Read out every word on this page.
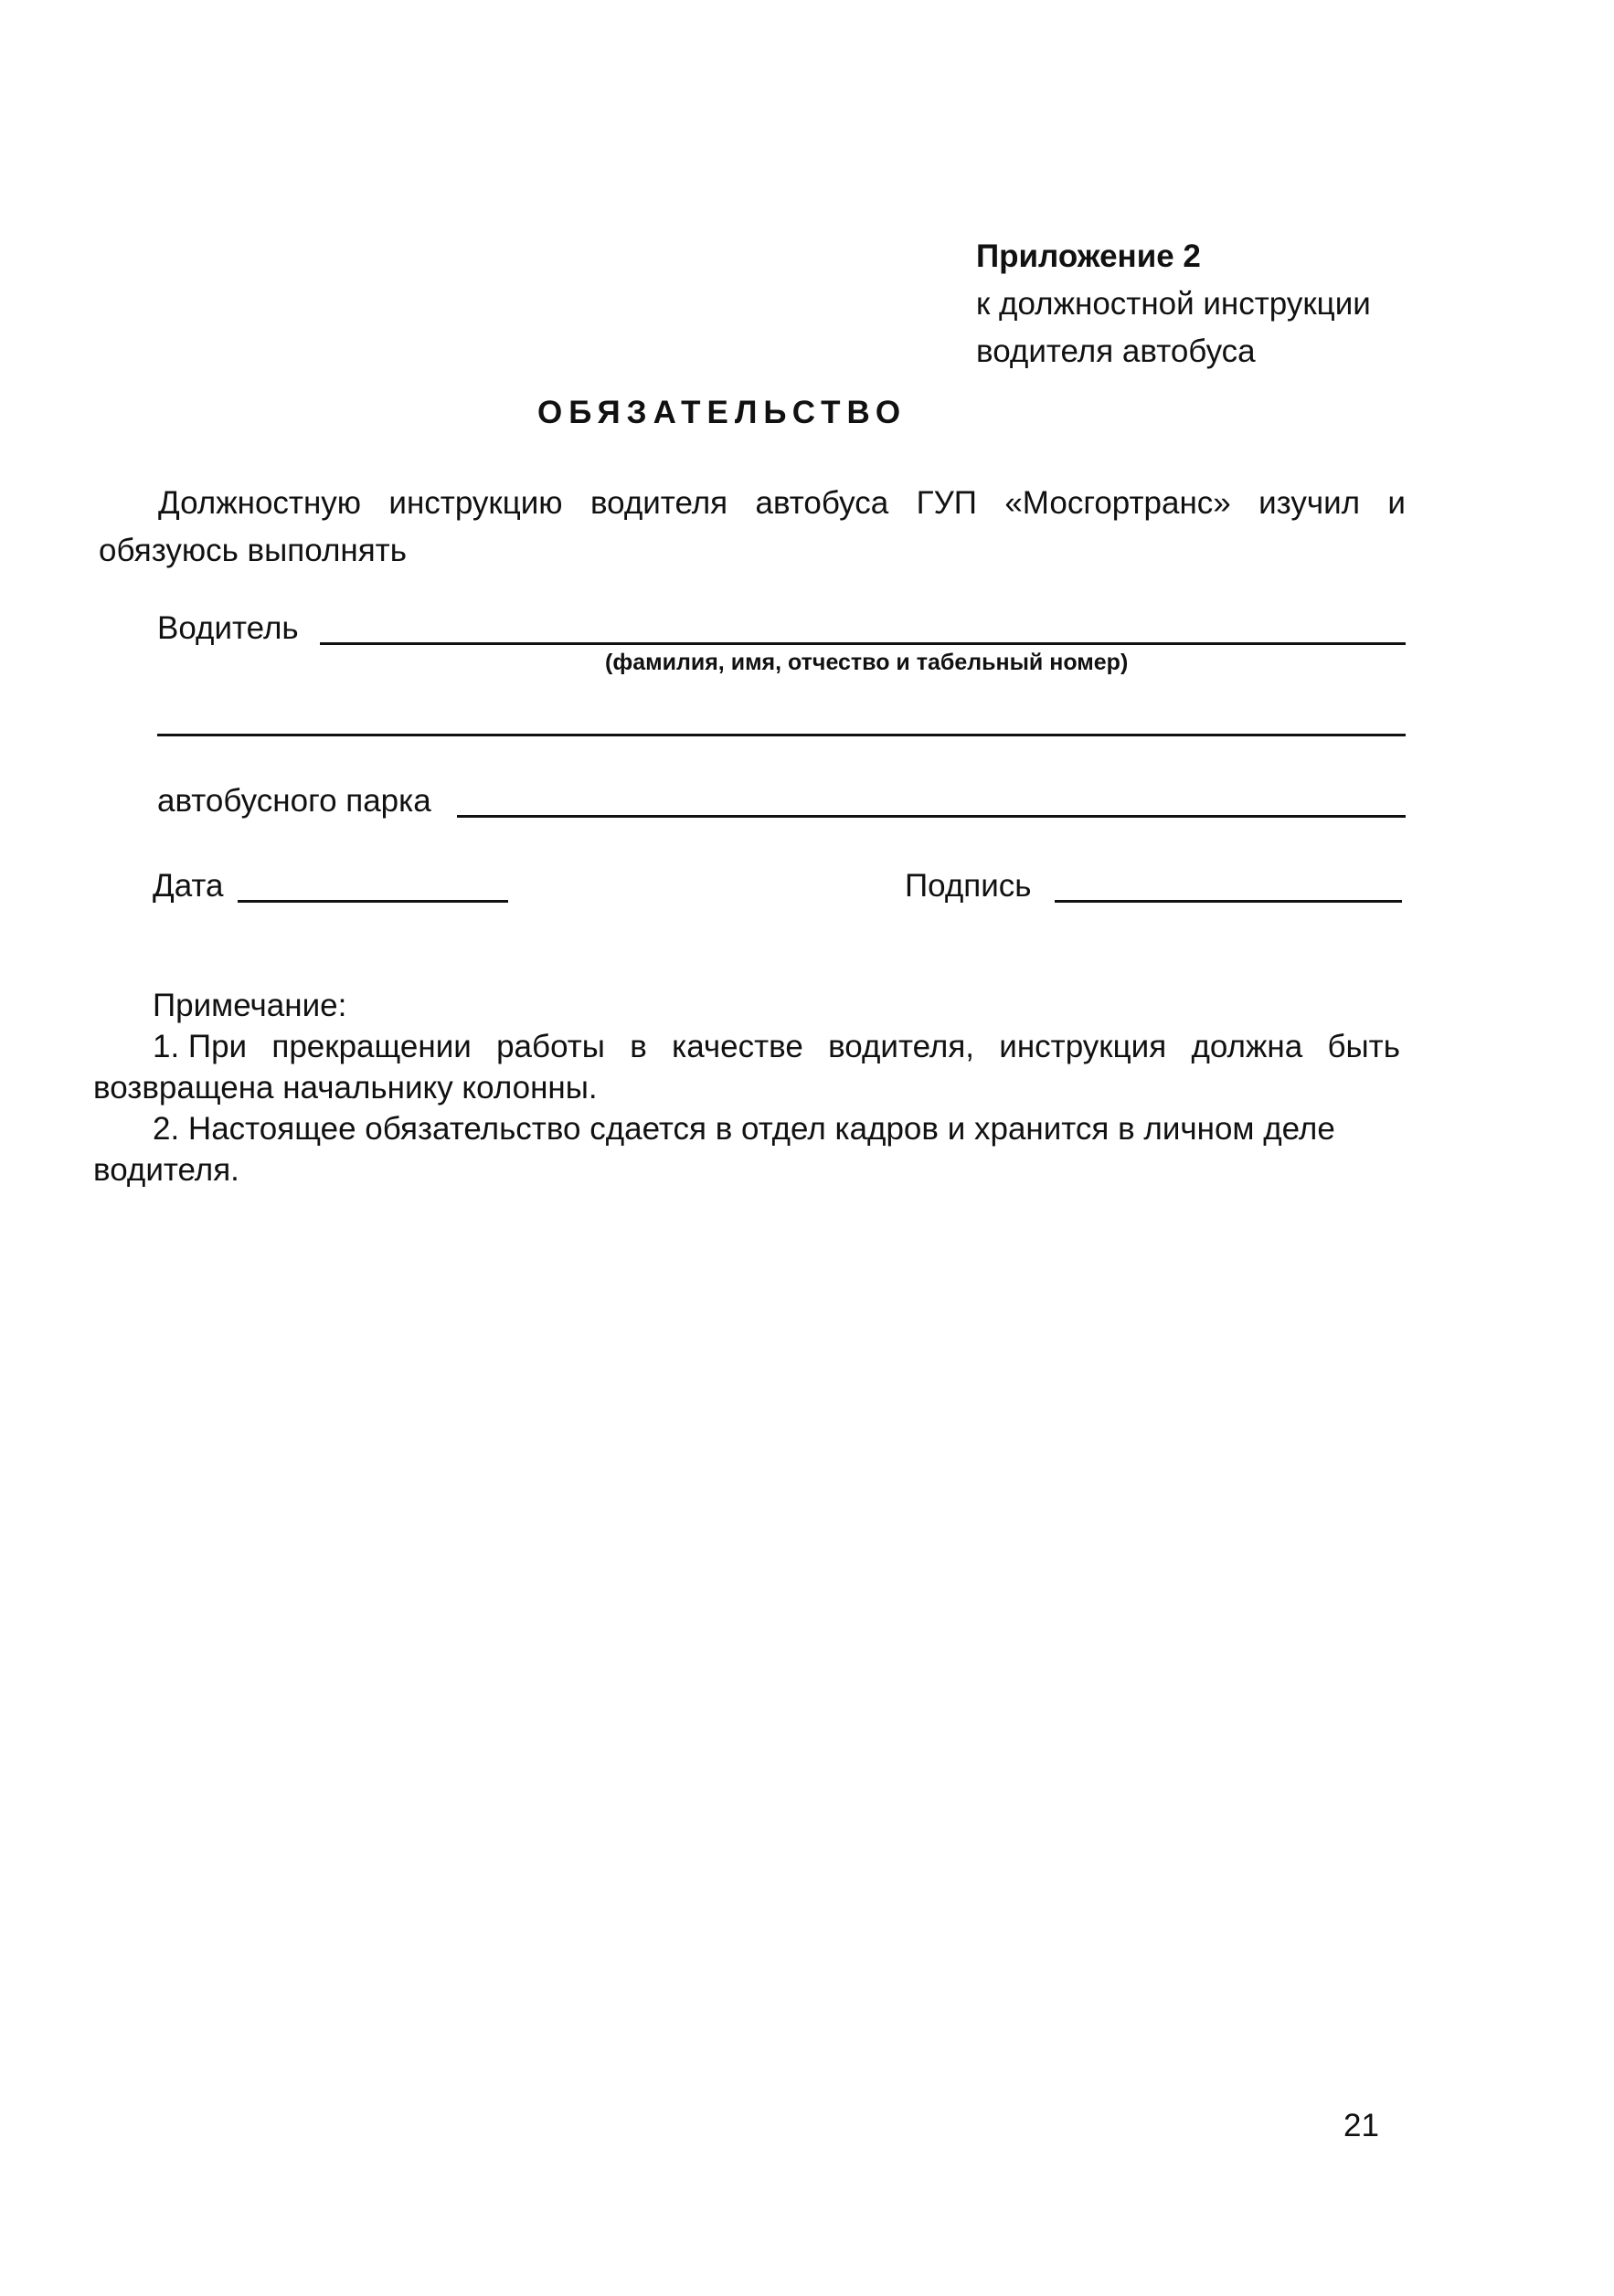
Приложение 2
к должностной инструкции
водителя автобуса
ОБЯЗАТЕЛЬСТВО
Должностную инструкцию водителя автобуса ГУП «Мосгортранс» изучил и
обязуюсь выполнять
Водитель
(фамилия, имя, отчество и табельный номер)
автобусного парка
Дата	Подпись
Примечание:
1. При прекращении работы в качестве водителя, инструкция должна быть
возвращена начальнику колонны.
2. Настоящее обязательство сдается в отдел кадров и хранится в личном деле
водителя.
21
